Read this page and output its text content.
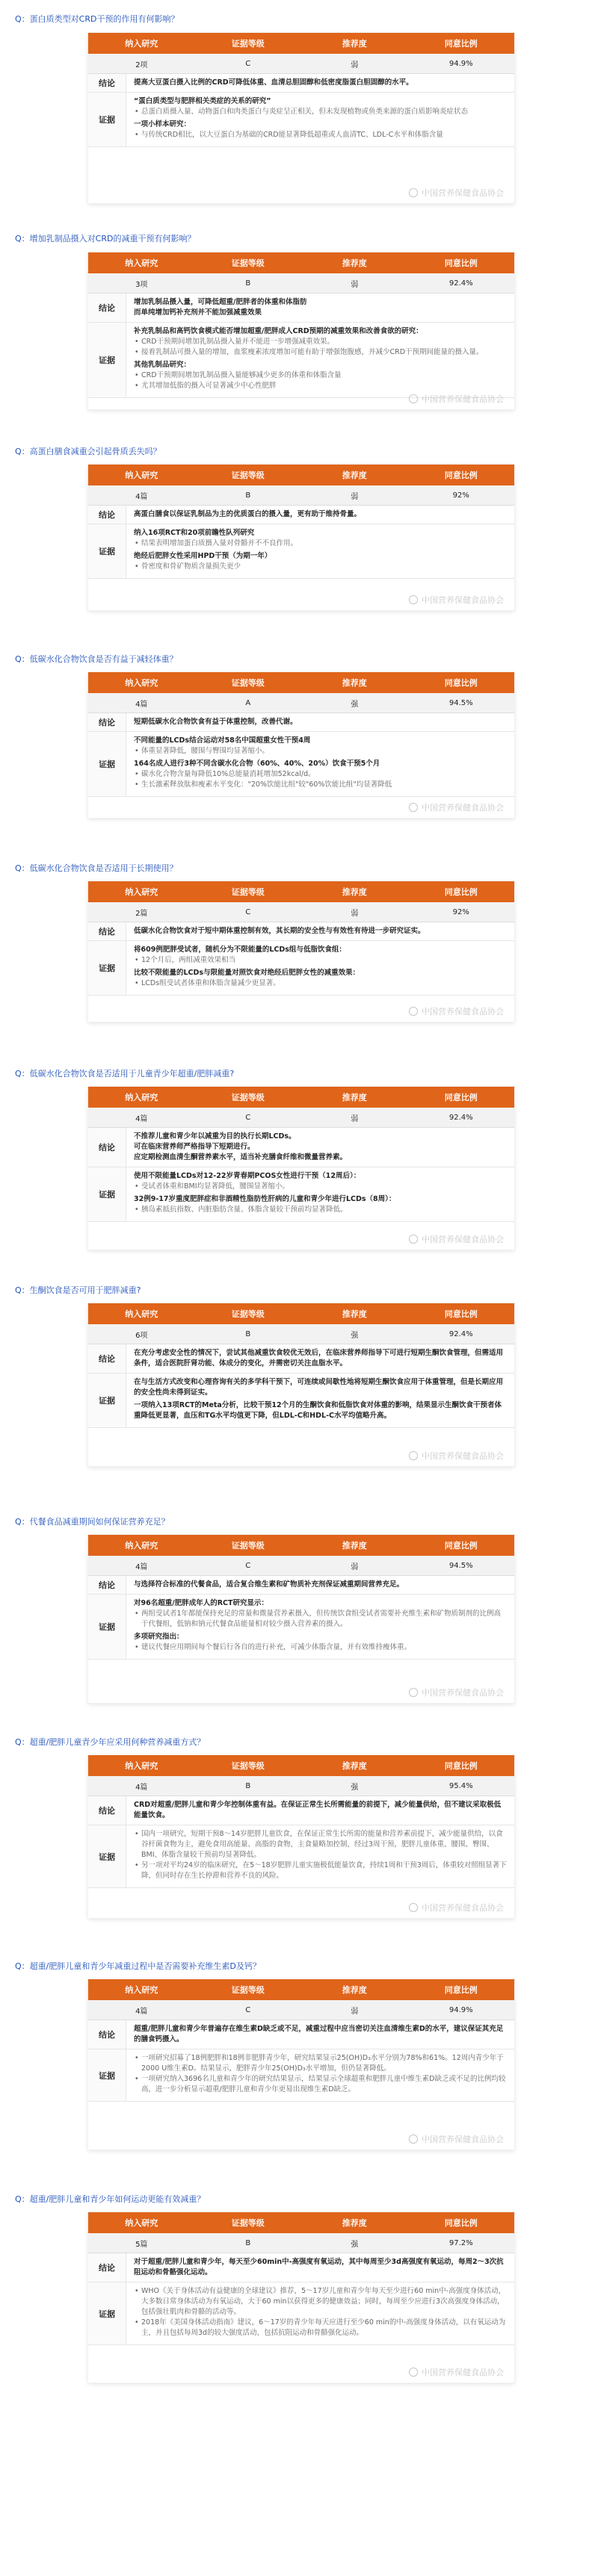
Q：蛋白质类型对CRD干预的作用有何影响？
纳入研究	证据等级	推荐度	同意比例
2项	C	弱	94.9%
结论	提高大豆蛋白摄入比例的CRD可降低体重、血清总胆固醇和低密度脂蛋白胆固醇的水平。
证据
“蛋白质类型与肥胖相关类症的关系的研究”
• 总蛋白质摄入量、动物蛋白和肉类蛋白与炎症呈正相关，但未发现植物或鱼类来源的蛋白质影响炎症状态
一项小样本研究：
• 与传统CRD相比，以大豆蛋白为基础的CRD能显著降低超重或人血清TC、LDL-C水平和体脂含量
中国营养保健食品协会
Q：增加乳制品摄入对CRD的减重干预有何影响？
纳入研究	证据等级	推荐度	同意比例
3项	B	弱	92.4%
结论
增加乳制品摄入量，可降低超重/肥胖者的体重和体脂肪
而单纯增加钙补充剂并不能加强减重效果
证据
补充乳制品和高钙饮食模式能否增加超重/肥胖成人CRD预期的减重效果和改善食欲的研究：
• CRD干预期间增加乳制品摄入量并不能进一步增强减重效果。
• 接着乳制品可摄入量的增加，血浆瘦素浓度增加可能有助于增强饱腹感，并减少CRD干预期间能量的摄入量。
其他乳制品研究：
• CRD干预期间增加乳制品摄入量能够减少更多的体重和体脂含量
• 尤其增加低脂的摄入可显著减少中心性肥胖
中国营养保健食品协会
Q：高蛋白膳食减重会引起骨质丢失吗？
纳入研究	证据等级	推荐度	同意比例
4篇	B	弱	92%
结论	高蛋白膳食以保证乳制品为主的优质蛋白的摄入量，更有助于维持骨量。
证据
纳入16项RCT和20项前瞻性队列研究
• 结果表明增加蛋白质摄入量对骨骼并不不良作用。
绝经后肥胖女性采用HPD干预（为期一年）
• 骨密度和骨矿物质含量损失更少
中国营养保健食品协会
Q：低碳水化合物饮食是否有益于减轻体重？
纳入研究	证据等级	推荐度	同意比例
4篇	A	强	94.5%
结论	短期低碳水化合物饮食有益于体重控制，改善代谢。
证据
不同能量的LCDs结合运动对58名中国超重女性干预4周
• 体重显著降低，腰围与臀围均显著缩小。
164名成人进行3种不同含碳水化合物（60%、40%、20%）饮食干预5个月
• 碳水化合物含量每降低10%总能量消耗增加52kcal/d。
• 生长激素释放肽和瘦素水平变化："20%饮能比组"较"60%饮能比组"均显著降低
中国营养保健食品协会
Q：低碳水化合物饮食是否适用于长期使用？
纳入研究	证据等级	推荐度	同意比例
2篇	C	弱	92%
结论	低碳水化合物饮食对于短中期体重控制有效，其长期的安全性与有效性有待进一步研究证实。
证据
将609例肥胖受试者，随机分为不限能量的LCDs组与低脂饮食组：
• 12个月后，两组减重效果相当
比较不限能量的LCDs与限能量对照饮食对绝经后肥胖女性的减重效果：
• LCDs组受试者体重和体脂含量减少更显著。
中国营养保健食品协会
Q：低碳水化合物饮食是否适用于儿童青少年超重/肥胖减重?
纳入研究	证据等级	推荐度	同意比例
4篇	C	弱	92.4%
结论
不推荐儿童和青少年以减重为目的执行长期LCDs。
可在临床营养师严格指导下短期进行。
应定期检测血清生酮营养素水平，适当补充膳食纤维和微量营养素。
证据
使用不限能量LCDs对12-22岁青春期PCOS女性进行干预（12周后）：
• 受试者体重和BMI均显著降低，腰围显著缩小。
32例9-17岁重度肥胖症和非酒精性脂肪性肝病的儿童和青少年进行LCDs（8周）：
• 胰岛素抵抗指数、内脏脂肪含量、体脂含量较干预前均显著降低。
中国营养保健食品协会
Q：生酮饮食是否可用于肥胖减重?
纳入研究	证据等级	推荐度	同意比例
6项	B	强	92.4%
结论
在充分考虑安全性的情况下，尝试其他减重饮食较优无效后，在临床营养师指导下可进行短期生酮饮食管理，但需适用条件，适合医院肝肾功能、体成分的变化，并需密切关注血脂水平。
证据
在与生活方式改变和心理咨询有关的多学科干预下，可连续或间歇性地将短期生酮饮食应用于体重管理，但是长期应用的安全性尚未得到证实。
一项纳入13项RCT的Meta分析，比较干预12个月的生酮饮食和低脂饮食对体重的影响，结果显示生酮饮食干预者体重降低更显著，血压和TG水平均值更下降，但LDL-C和HDL-C水平均值略升高。
中国营养保健食品协会
Q：代餐食品减重期间如何保证营养充足？
纳入研究	证据等级	推荐度	同意比例
4篇	C	弱	94.5%
结论	与选择符合标准的代餐食品，适合复合维生素和矿物质补充剂保证减重期间营养充足。
证据
对96名超重/肥胖成年人的RCT研究显示：
• 两组受试者1年都能保持充足的常量和微量营养素摄入，但传统饮食组受试者需要补充维生素和矿物质制剂的比例高于代餐组，低钠和钠元代餐食品能量相对较少摄入营养素的摄入。
多项研究指出：
• 建议代餐应用期间每个餐后行各自的进行补充，可减少体脂含量，并有效维持瘦体重。
中国营养保健食品协会
Q：超重/肥胖儿童青少年应采用何种营养减重方式？
纳入研究	证据等级	推荐度	同意比例
4篇	B	强	95.4%
结论
CRD对超重/肥胖儿童和青少年控制体重有益。在保证正常生长所需能量的前提下，减少能量供给，但不建议采取极低能量饮食。
证据
• 国内一项研究，短期干预8～14岁肥胖儿童饮食，在保证正常生长所需的能量和营养素前提下，减少能量供给，以食谷杆菌食物为主，避免食用高能量、高脂的食物，主食量略加控制，经过3周干预，肥胖儿童体重、腰围、臀围、BMI、体脂含量较干预前均显著降低。
• 另一项对平均24岁的临床研究，在5～18岁肥胖儿童实施极低能量饮食，持续1周和干预3周后，体重较对照组显著下降，但同时存在生长停滞和营养不良的风险。
中国营养保健食品协会
Q：超重/肥胖儿童和青少年减重过程中是否需要补充维生素D及钙？
纳入研究	证据等级	推荐度	同意比例
4篇	C	弱	94.9%
结论
超重/肥胖儿童和青少年普遍存在维生素D缺乏或不足，减重过程中应当密切关注血清维生素D的水平，建议保证其充足的膳食钙摄入。
证据
• 一项研究招募了18例肥胖和18例非肥胖青少年，研究结果显示25(OH)D₃水平分别为78%和61%。12周内青少年于2000 U维生素D。结果显示，肥胖青少年25(OH)D₃水平增加，但仍显著降低。
• 一项研究纳入3696名儿童和青少年的研究结果显示，结果显示全球超重和肥胖儿童中维生素D缺乏或不足的比例均较高，进一步分析显示超重/肥胖儿童和青少年更易出现维生素D缺乏。
中国营养保健食品协会
Q：超重/肥胖儿童和青少年如何运动更能有效减重？
纳入研究	证据等级	推荐度	同意比例
5篇	B	强	97.2%
结论
对于超重/肥胖儿童和青少年，每天至少60min中-高强度有氧运动，其中每周至少3d高强度有氧运动，每周2～3次抗阻运动和骨骼强化运动。
证据
• WHO《关于身体活动有益健康的全球建议》推荐，5～17岁儿童和青少年每天至少进行60 min中-高强度身体活动，大多数日常身体活动为有氧运动，大于60 min以获得更多的健康效益；同时，每周至少应进行3次高强度身体活动，包括强壮肌肉和骨骼的活动等。
• 2018年《美国身体活动指南》建议，6～17岁的青少年每天应进行至少60 min的中-高强度身体活动，以有氧运动为主，并且包括每周3d的较大强度活动，包括抗阻运动和骨骼强化运动。
中国营养保健食品协会
